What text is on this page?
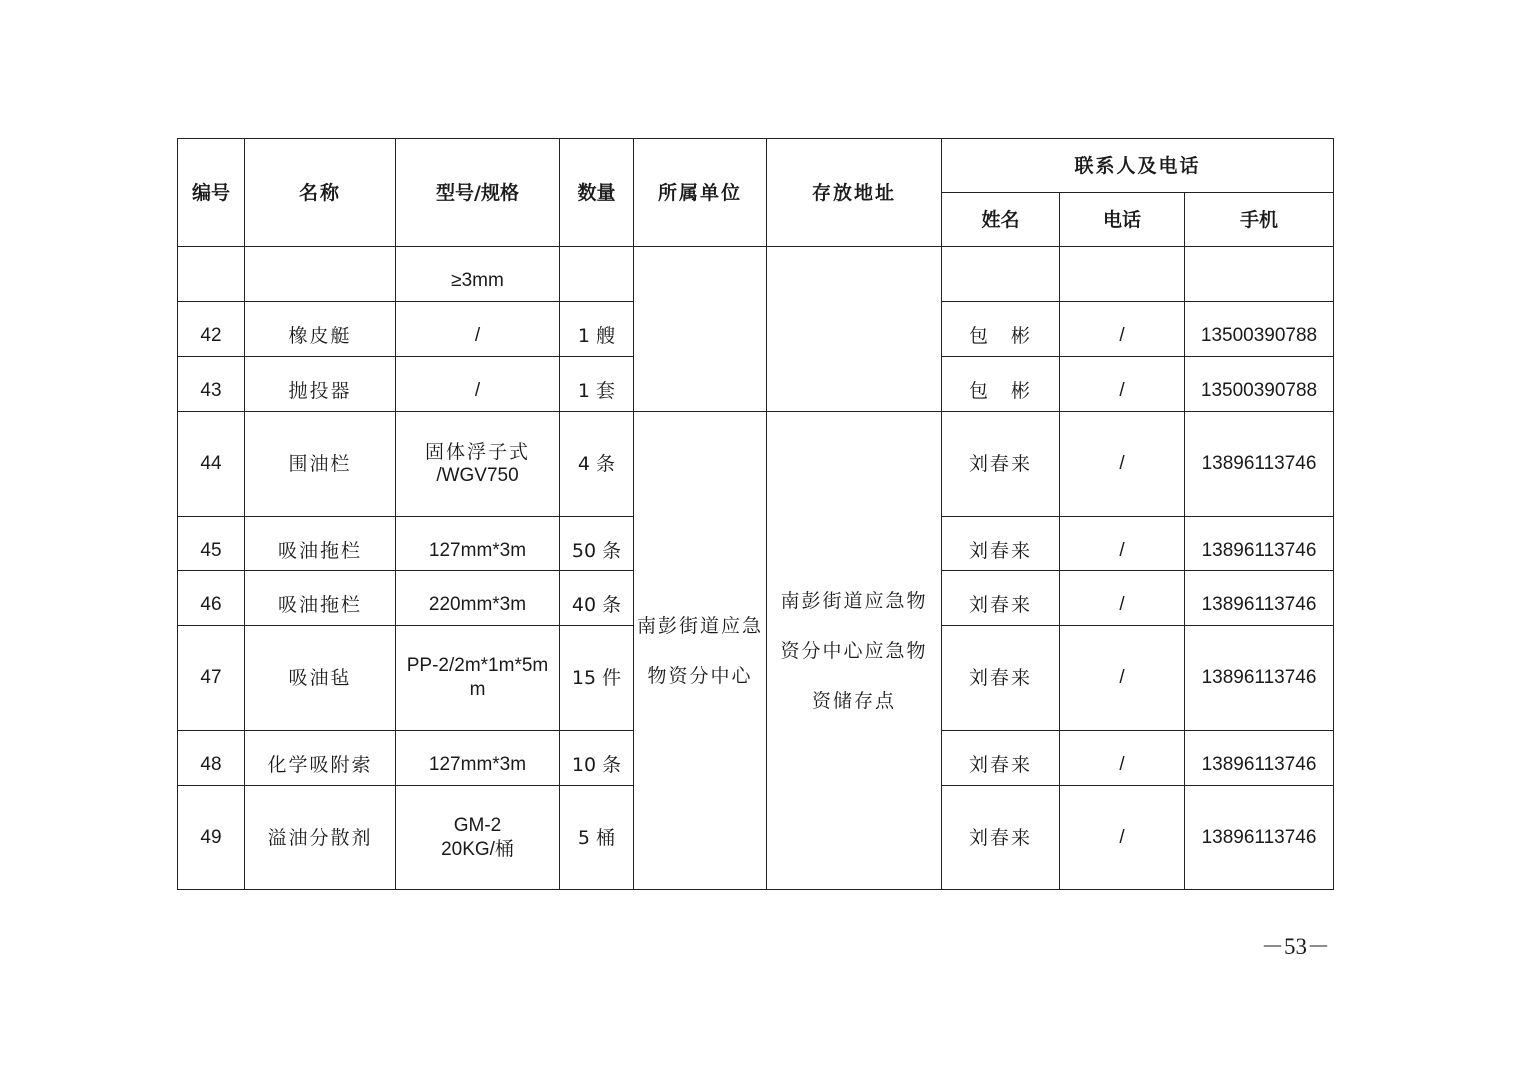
编号	名称	型号/规格	数量	所属单位	存放地址	联系人及电话		
						姓名	电话	手机
		≥3mm						
42	橡皮艇	/	1 艘			包　彬	/	13500390788
43	抛投器	/	1 套			包　彬	/	13500390788
44	围油栏	固体浮子式
/WGV750	4 条	南彭街道应急物资分中心	南彭街道应急物资分中心应急物资储存点	刘春来	/	13896113746
45	吸油拖栏	127mm*3m	50 条			刘春来	/	13896113746
46	吸油拖栏	220mm*3m	40 条			刘春来	/	13896113746
47	吸油毡	PP-2/2m*1m*5m
m	15 件			刘春来	/	13896113746
48	化学吸附索	127mm*3m	10 条			刘春来	/	13896113746
49	溢油分散剂	GM-2
20KG/桶	5 桶			刘春来	/	13896113746
－53－
